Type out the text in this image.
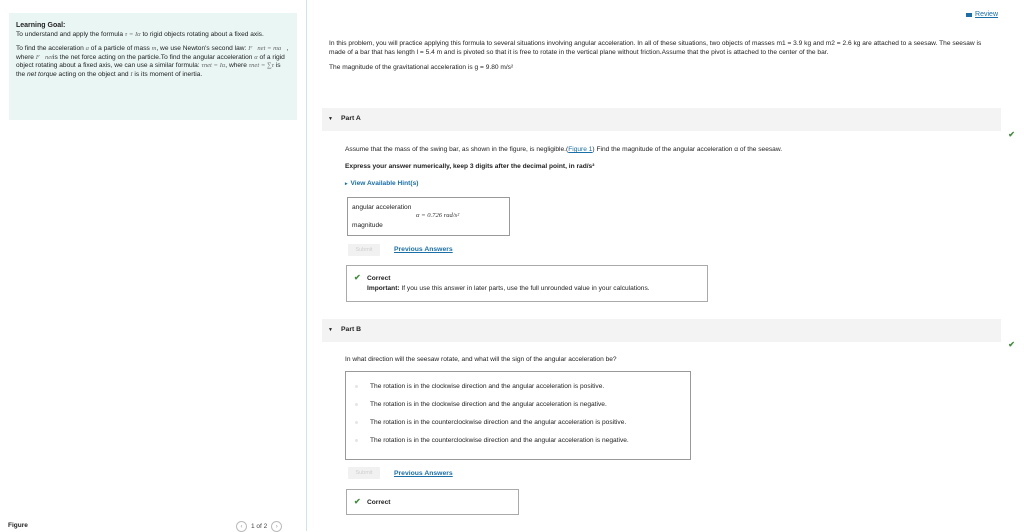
Learning Goal:

To understand and apply the formula τ = Iα to rigid objects rotating about a fixed axis.

To find the acceleration a of a particle of mass m, we use Newton's second law: F⃗net = ma⃗, where F⃗netis the net force acting on the particle.To find the angular acceleration α of a rigid object rotating about a fixed axis, we can use a similar formula: τnet = Iα, where τnet = ∑τ is the net torque acting on the object and I is its moment of inertia.

Figure	‹	1 of 2	›
Review

In this problem, you will practice applying this formula to several situations involving angular acceleration. In all of these situations, two objects of masses m1 = 3.9 kg and m2 = 2.6 kg are attached to a seesaw. The seesaw is made of a bar that has length l = 5.4 m and is pivoted so that it is free to rotate in the vertical plane without friction.Assume that the pivot is attached to the center of the bar.

The magnitude of the gravitational acceleration is g = 9.80 m/s²

▼ Part A
✔
Assume that the mass of the swing bar, as shown in the figure, is negligible.(Figure 1) Find the magnitude of the angular acceleration α of the seesaw.
Express your answer numerically, keep 3 digits after the decimal point, in rad/s²
▸ View Available Hint(s)
angular acceleration
magnitude
α = 0.726 rad/s²
Submit	Previous Answers
✔ Correct
Important: If you use this answer in later parts, use the full unrounded value in your calculations.
▼ Part B
✔
In what direction will the seesaw rotate, and what will the sign of the angular acceleration be?
The rotation is in the clockwise direction and the angular acceleration is positive.
The rotation is in the clockwise direction and the angular acceleration is negative.
The rotation is in the counterclockwise direction and the angular acceleration is positive.
The rotation is in the counterclockwise direction and the angular acceleration is negative.
Submit	Previous Answers
✔ Correct
